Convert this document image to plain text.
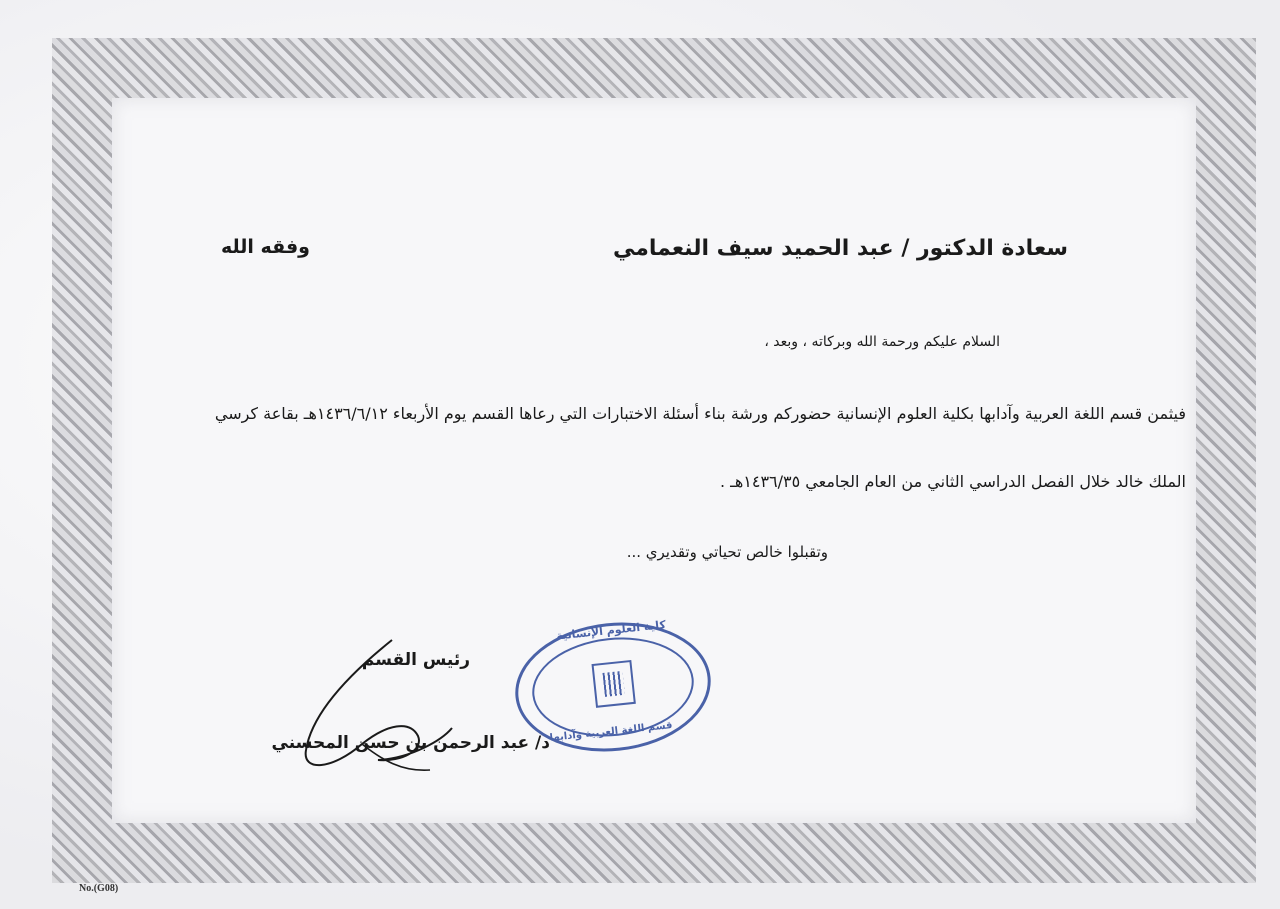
سعادة الدكتور / عبد الحميد سيف النعمامي
وفقه الله
السلام عليكم ورحمة الله وبركاته ، وبعد ،
فيثمن قسم اللغة العربية وآدابها بكلية العلوم الإنسانية حضوركم ورشة بناء أسئلة الاختبارات التي رعاها القسم يوم الأربعاء ١٤٣٦/٦/١٢هـ بقاعة كرسي
الملك خالد خلال الفصل الدراسي الثاني من العام الجامعي ١٤٣٦/٣٥هـ .
وتقبلوا خالص تحياتي وتقديري ...
رئيس القسم
د/ عبد الرحمن بن حسن المحسني
كلية العلوم الإنسانية
قسم اللغة العربية وآدابها
No.(G08)
